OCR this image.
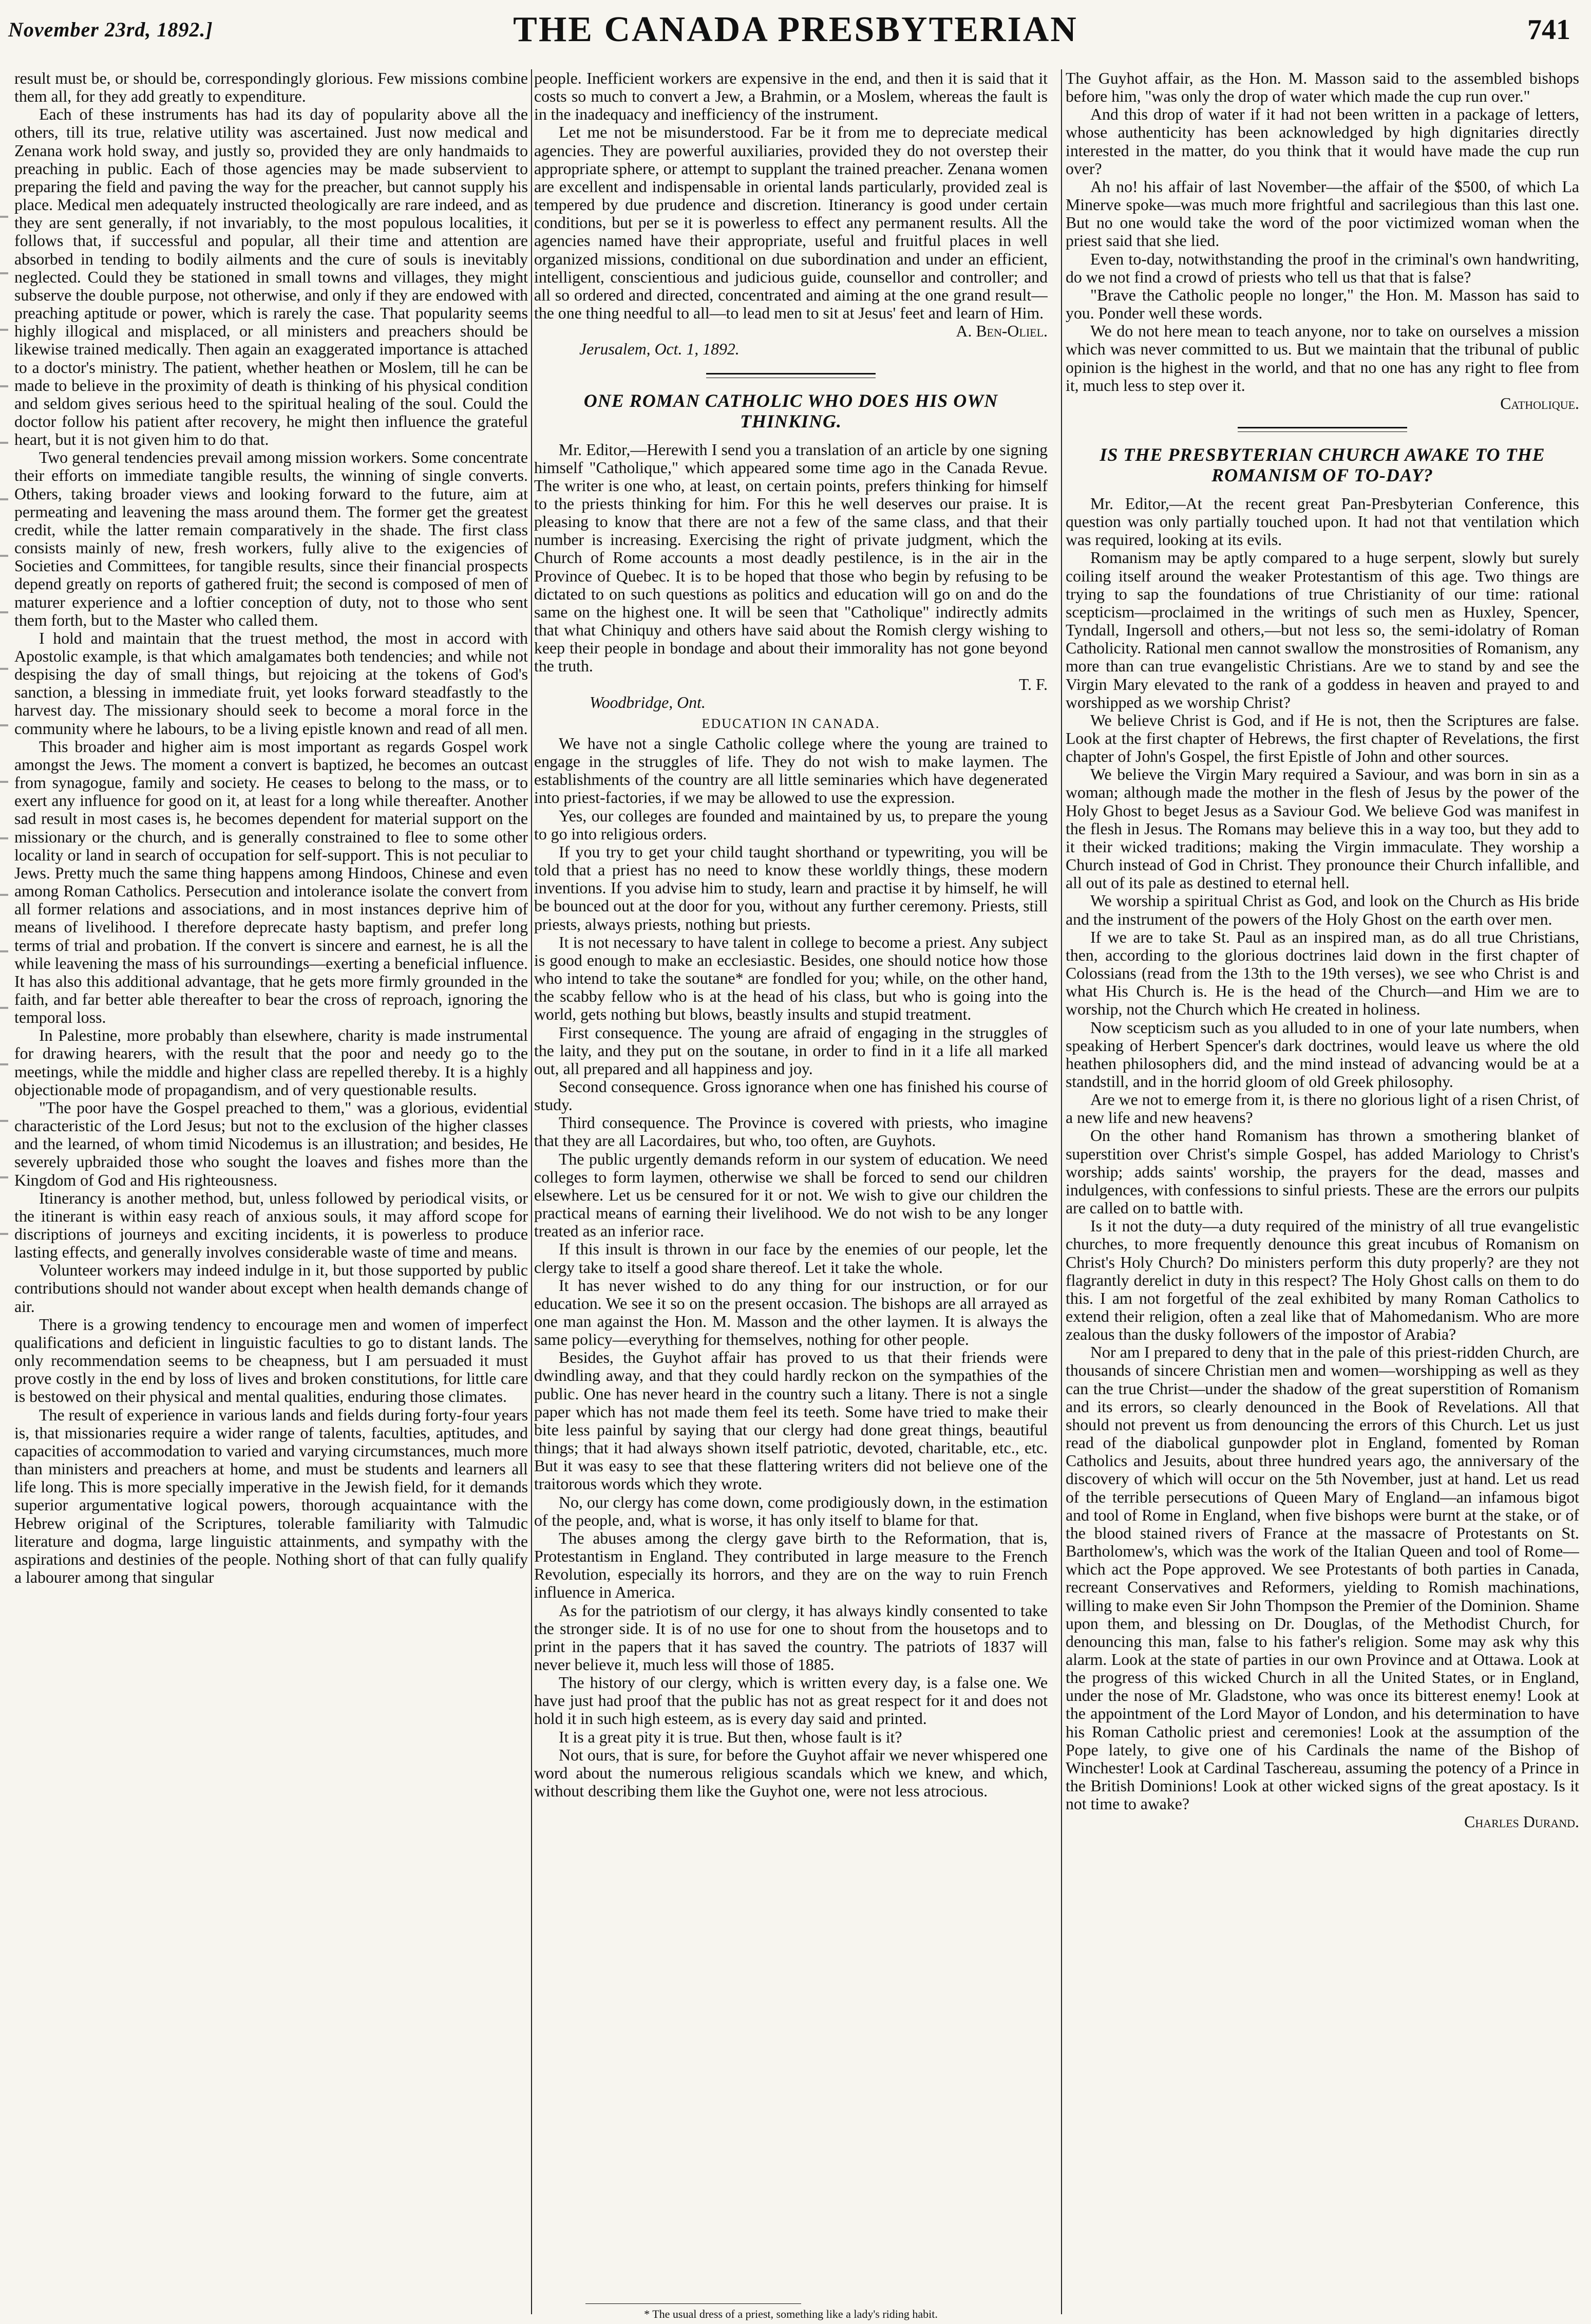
November 23rd, 1892.]	THE CANADA PRESBYTERIAN	741

result must be, or should be, correspondingly glorious. Few missions combine them all, for they add greatly to expenditure.

Each of these instruments has had its day of popularity above all the others, till its true, relative utility was ascertained. Just now medical and Zenana work hold sway, and justly so, provided they are only handmaids to preaching in public. Each of those agencies may be made subservient to preparing the field and paving the way for the preacher, but cannot supply his place. Medical men adequately instructed theologically are rare indeed, and as they are sent generally, if not invariably, to the most populous localities, it follows that, if successful and popular, all their time and attention are absorbed in tending to bodily ailments and the cure of souls is inevitably neglected. Could they be stationed in small towns and villages, they might subserve the double purpose, not otherwise, and only if they are endowed with preaching aptitude or power, which is rarely the case. That popularity seems highly illogical and misplaced, or all ministers and preachers should be likewise trained medically. Then again an exaggerated importance is attached to a doctor's ministry. The patient, whether heathen or Moslem, till he can be made to believe in the proximity of death is thinking of his physical condition and seldom gives serious heed to the spiritual healing of the soul. Could the doctor follow his patient after recovery, he might then influence the grateful heart, but it is not given him to do that.

Two general tendencies prevail among mission workers. Some concentrate their efforts on immediate tangible results, the winning of single converts. Others, taking broader views and looking forward to the future, aim at permeating and leavening the mass around them. The former get the greatest credit, while the latter remain comparatively in the shade. The first class consists mainly of new, fresh workers, fully alive to the exigencies of Societies and Committees, for tangible results, since their financial prospects depend greatly on reports of gathered fruit; the second is composed of men of maturer experience and a loftier conception of duty, not to those who sent them forth, but to the Master who called them.

I hold and maintain that the truest method, the most in accord with Apostolic example, is that which amalgamates both tendencies; and while not despising the day of small things, but rejoicing at the tokens of God's sanction, a blessing in immediate fruit, yet looks forward steadfastly to the harvest day. The missionary should seek to become a moral force in the community where he labours, to be a living epistle known and read of all men.

This broader and higher aim is most important as regards Gospel work amongst the Jews. The moment a convert is baptized, he becomes an outcast from synagogue, family and society. He ceases to belong to the mass, or to exert any influence for good on it, at least for a long while thereafter. Another sad result in most cases is, he becomes dependent for material support on the missionary or the church, and is generally constrained to flee to some other locality or land in search of occupation for self-support. This is not peculiar to Jews. Pretty much the same thing happens among Hindoos, Chinese and even among Roman Catholics. Persecution and intolerance isolate the convert from all former relations and associations, and in most instances deprive him of means of livelihood. I therefore deprecate hasty baptism, and prefer long terms of trial and probation. If the convert is sincere and earnest, he is all the while leavening the mass of his surroundings—exerting a beneficial influence. It has also this additional advantage, that he gets more firmly grounded in the faith, and far better able thereafter to bear the cross of reproach, ignoring the temporal loss.

In Palestine, more probably than elsewhere, charity is made instrumental for drawing hearers, with the result that the poor and needy go to the meetings, while the middle and higher class are repelled thereby. It is a highly objectionable mode of propagandism, and of very questionable results.

"The poor have the Gospel preached to them," was a glorious, evidential characteristic of the Lord Jesus; but not to the exclusion of the higher classes and the learned, of whom timid Nicodemus is an illustration; and besides, He severely upbraided those who sought the loaves and fishes more than the Kingdom of God and His righteousness.

Itinerancy is another method, but, unless followed by periodical visits, or the itinerant is within easy reach of anxious souls, it may afford scope for discriptions of journeys and exciting incidents, it is powerless to produce lasting effects, and generally involves considerable waste of time and means.

Volunteer workers may indeed indulge in it, but those supported by public contributions should not wander about except when health demands change of air.

There is a growing tendency to encourage men and women of imperfect qualifications and deficient in linguistic faculties to go to distant lands. The only recommendation seems to be cheapness, but I am persuaded it must prove costly in the end by loss of lives and broken constitutions, for little care is bestowed on their physical and mental qualities, enduring those climates.

The result of experience in various lands and fields during forty-four years is, that missionaries require a wider range of talents, faculties, aptitudes, and capacities of accommodation to varied and varying circumstances, much more than ministers and preachers at home, and must be students and learners all life long. This is more specially imperative in the Jewish field, for it demands superior argumentative logical powers, thorough acquaintance with the Hebrew original of the Scriptures, tolerable familiarity with Talmudic literature and dogma, large linguistic attainments, and sympathy with the aspirations and destinies of the people. Nothing short of that can fully qualify a labourer among that singular

people. Inefficient workers are expensive in the end, and then it is said that it costs so much to convert a Jew, a Brahmin, or a Moslem, whereas the fault is in the inadequacy and inefficiency of the instrument.

Let me not be misunderstood. Far be it from me to depreciate medical agencies. They are powerful auxiliaries, provided they do not overstep their appropriate sphere, or attempt to supplant the trained preacher. Zenana women are excellent and indispensable in oriental lands particularly, provided zeal is tempered by due prudence and discretion. Itinerancy is good under certain conditions, but per se it is powerless to effect any permanent results. All the agencies named have their appropriate, useful and fruitful places in well organized missions, conditional on due subordination and under an efficient, intelligent, conscientious and judicious guide, counsellor and controller; and all so ordered and directed, concentrated and aiming at the one grand result—the one thing needful to all—to lead men to sit at Jesus' feet and learn of Him.

A. Ben-Oliel.

Jerusalem, Oct. 1, 1892.

ONE ROMAN CATHOLIC WHO DOES HIS OWN THINKING.

Mr. Editor,—Herewith I send you a translation of an article by one signing himself "Catholique," which appeared some time ago in the Canada Revue. The writer is one who, at least, on certain points, prefers thinking for himself to the priests thinking for him. For this he well deserves our praise. It is pleasing to know that there are not a few of the same class, and that their number is increasing. Exercising the right of private judgment, which the Church of Rome accounts a most deadly pestilence, is in the air in the Province of Quebec. It is to be hoped that those who begin by refusing to be dictated to on such questions as politics and education will go on and do the same on the highest one. It will be seen that "Catholique" indirectly admits that what Chiniquy and others have said about the Romish clergy wishing to keep their people in bondage and about their immorality has not gone beyond the truth.

T. F.

Woodbridge, Ont.

EDUCATION IN CANADA.

We have not a single Catholic college where the young are trained to engage in the struggles of life. They do not wish to make laymen. The establishments of the country are all little seminaries which have degenerated into priest-factories, if we may be allowed to use the expression.

Yes, our colleges are founded and maintained by us, to prepare the young to go into religious orders.

If you try to get your child taught shorthand or typewriting, you will be told that a priest has no need to know these worldly things, these modern inventions. If you advise him to study, learn and practise it by himself, he will be bounced out at the door for you, without any further ceremony. Priests, still priests, always priests, nothing but priests.

It is not necessary to have talent in college to become a priest. Any subject is good enough to make an ecclesiastic. Besides, one should notice how those who intend to take the soutane* are fondled for you; while, on the other hand, the scabby fellow who is at the head of his class, but who is going into the world, gets nothing but blows, beastly insults and stupid treatment.

First consequence. The young are afraid of engaging in the struggles of the laity, and they put on the soutane, in order to find in it a life all marked out, all prepared and all happiness and joy.

Second consequence. Gross ignorance when one has finished his course of study.

Third consequence. The Province is covered with priests, who imagine that they are all Lacordaires, but who, too often, are Guyhots.

The public urgently demands reform in our system of education. We need colleges to form laymen, otherwise we shall be forced to send our children elsewhere. Let us be censured for it or not. We wish to give our children the practical means of earning their livelihood. We do not wish to be any longer treated as an inferior race.

If this insult is thrown in our face by the enemies of our people, let the clergy take to itself a good share thereof. Let it take the whole.

It has never wished to do any thing for our instruction, or for our education. We see it so on the present occasion. The bishops are all arrayed as one man against the Hon. M. Masson and the other laymen. It is always the same policy—everything for themselves, nothing for other people.

Besides, the Guyhot affair has proved to us that their friends were dwindling away, and that they could hardly reckon on the sympathies of the public. One has never heard in the country such a litany. There is not a single paper which has not made them feel its teeth. Some have tried to make their bite less painful by saying that our clergy had done great things, beautiful things; that it had always shown itself patriotic, devoted, charitable, etc., etc. But it was easy to see that these flattering writers did not believe one of the traitorous words which they wrote.

No, our clergy has come down, come prodigiously down, in the estimation of the people, and, what is worse, it has only itself to blame for that.

The abuses among the clergy gave birth to the Reformation, that is, Protestantism in England. They contributed in large measure to the French Revolution, especially its horrors, and they are on the way to ruin French influence in America.

As for the patriotism of our clergy, it has always kindly consented to take the stronger side. It is of no use for one to shout from the housetops and to print in the papers that it has saved the country. The patriots of 1837 will never believe it, much less will those of 1885.

The history of our clergy, which is written every day, is a false one. We have just had proof that the public has not as great respect for it and does not hold it in such high esteem, as is every day said and printed.

It is a great pity it is true. But then, whose fault is it?

Not ours, that is sure, for before the Guyhot affair we never whispered one word about the numerous religious scandals which we knew, and which, without describing them like the Guyhot one, were not less atrocious.

The Guyhot affair, as the Hon. M. Masson said to the assembled bishops before him, "was only the drop of water which made the cup run over."

And this drop of water if it had not been written in a package of letters, whose authenticity has been acknowledged by high dignitaries directly interested in the matter, do you think that it would have made the cup run over?

Ah no! his affair of last November—the affair of the $500, of which La Minerve spoke—was much more frightful and sacrilegious than this last one. But no one would take the word of the poor victimized woman when the priest said that she lied.

Even to-day, notwithstanding the proof in the criminal's own handwriting, do we not find a crowd of priests who tell us that that is false?

"Brave the Catholic people no longer," the Hon. M. Masson has said to you. Ponder well these words.

We do not here mean to teach anyone, nor to take on ourselves a mission which was never committed to us. But we maintain that the tribunal of public opinion is the highest in the world, and that no one has any right to flee from it, much less to step over it.

Catholique.

IS THE PRESBYTERIAN CHURCH AWAKE TO THE ROMANISM OF TO-DAY?

Mr. Editor,—At the recent great Pan-Presbyterian Conference, this question was only partially touched upon. It had not that ventilation which was required, looking at its evils.

Romanism may be aptly compared to a huge serpent, slowly but surely coiling itself around the weaker Protestantism of this age. Two things are trying to sap the foundations of true Christianity of our time: rational scepticism—proclaimed in the writings of such men as Huxley, Spencer, Tyndall, Ingersoll and others,—but not less so, the semi-idolatry of Roman Catholicity. Rational men cannot swallow the monstrosities of Romanism, any more than can true evangelistic Christians. Are we to stand by and see the Virgin Mary elevated to the rank of a goddess in heaven and prayed to and worshipped as we worship Christ?

We believe Christ is God, and if He is not, then the Scriptures are false. Look at the first chapter of Hebrews, the first chapter of Revelations, the first chapter of John's Gospel, the first Epistle of John and other sources.

We believe the Virgin Mary required a Saviour, and was born in sin as a woman; although made the mother in the flesh of Jesus by the power of the Holy Ghost to beget Jesus as a Saviour God. We believe God was manifest in the flesh in Jesus. The Romans may believe this in a way too, but they add to it their wicked traditions; making the Virgin immaculate. They worship a Church instead of God in Christ. They pronounce their Church infallible, and all out of its pale as destined to eternal hell.

We worship a spiritual Christ as God, and look on the Church as His bride and the instrument of the powers of the Holy Ghost on the earth over men.

If we are to take St. Paul as an inspired man, as do all true Christians, then, according to the glorious doctrines laid down in the first chapter of Colossians (read from the 13th to the 19th verses), we see who Christ is and what His Church is. He is the head of the Church—and Him we are to worship, not the Church which He created in holiness.

Now scepticism such as you alluded to in one of your late numbers, when speaking of Herbert Spencer's dark doctrines, would leave us where the old heathen philosophers did, and the mind instead of advancing would be at a standstill, and in the horrid gloom of old Greek philosophy.

Are we not to emerge from it, is there no glorious light of a risen Christ, of a new life and new heavens?

On the other hand Romanism has thrown a smothering blanket of superstition over Christ's simple Gospel, has added Mariology to Christ's worship; adds saints' worship, the prayers for the dead, masses and indulgences, with confessions to sinful priests. These are the errors our pulpits are called on to battle with.

Is it not the duty—a duty required of the ministry of all true evangelistic churches, to more frequently denounce this great incubus of Romanism on Christ's Holy Church? Do ministers perform this duty properly? are they not flagrantly derelict in duty in this respect? The Holy Ghost calls on them to do this. I am not forgetful of the zeal exhibited by many Roman Catholics to extend their religion, often a zeal like that of Mahomedanism. Who are more zealous than the dusky followers of the impostor of Arabia?

Nor am I prepared to deny that in the pale of this priest-ridden Church, are thousands of sincere Christian men and women—worshipping as well as they can the true Christ—under the shadow of the great superstition of Romanism and its errors, so clearly denounced in the Book of Revelations. All that should not prevent us from denouncing the errors of this Church. Let us just read of the diabolical gunpowder plot in England, fomented by Roman Catholics and Jesuits, about three hundred years ago, the anniversary of the discovery of which will occur on the 5th November, just at hand. Let us read of the terrible persecutions of Queen Mary of England—an infamous bigot and tool of Rome in England, when five bishops were burnt at the stake, or of the blood stained rivers of France at the massacre of Protestants on St. Bartholomew's, which was the work of the Italian Queen and tool of Rome—which act the Pope approved. We see Protestants of both parties in Canada, recreant Conservatives and Reformers, yielding to Romish machinations, willing to make even Sir John Thompson the Premier of the Dominion. Shame upon them, and blessing on Dr. Douglas, of the Methodist Church, for denouncing this man, false to his father's religion. Some may ask why this alarm. Look at the state of parties in our own Province and at Ottawa. Look at the progress of this wicked Church in all the United States, or in England, under the nose of Mr. Gladstone, who was once its bitterest enemy! Look at the appointment of the Lord Mayor of London, and his determination to have his Roman Catholic priest and ceremonies! Look at the assumption of the Pope lately, to give one of his Cardinals the name of the Bishop of Winchester! Look at Cardinal Taschereau, assuming the potency of a Prince in the British Dominions! Look at other wicked signs of the great apostacy. Is it not time to awake?

Charles Durand.

* The usual dress of a priest, something like a lady's riding habit.
